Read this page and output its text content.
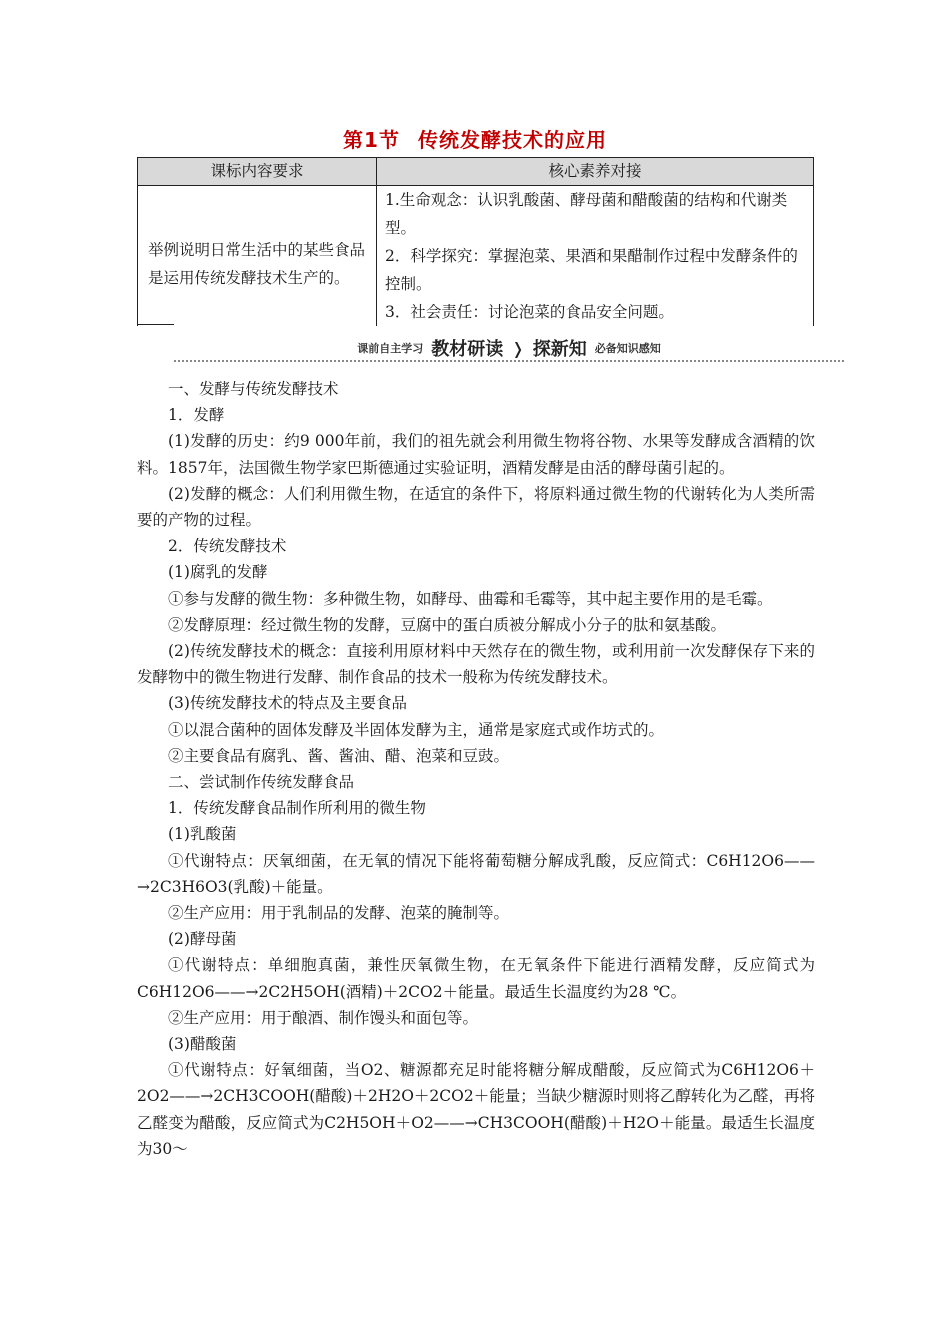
第1节 传统发酵技术的应用
课标内容要求	核心素养对接
举例说明日常生活中的某些食品是运用传统发酵技术生产的。
1.生命观念：认识乳酸菌、酵母菌和醋酸菌的结构和代谢类型。
2．科学探究：掌握泡菜、果酒和果醋制作过程中发酵条件的控制。
3．社会责任：讨论泡菜的食品安全问题。
课前自主学习 教材研读 ❭ 探新知 必备知识感知

一、发酵与传统发酵技术

1．发酵

(1)发酵的历史：约9 000年前，我们的祖先就会利用微生物将谷物、水果等发酵成含酒精的饮料。1857年，法国微生物学家巴斯德通过实验证明，酒精发酵是由活的酵母菌引起的。

(2)发酵的概念：人们利用微生物，在适宜的条件下，将原料通过微生物的代谢转化为人类所需要的产物的过程。

2．传统发酵技术

(1)腐乳的发酵

①参与发酵的微生物：多种微生物，如酵母、曲霉和毛霉等，其中起主要作用的是毛霉。

②发酵原理：经过微生物的发酵，豆腐中的蛋白质被分解成小分子的肽和氨基酸。

(2)传统发酵技术的概念：直接利用原材料中天然存在的微生物，或利用前一次发酵保存下来的发酵物中的微生物进行发酵、制作食品的技术一般称为传统发酵技术。

(3)传统发酵技术的特点及主要食品

①以混合菌种的固体发酵及半固体发酵为主，通常是家庭式或作坊式的。

②主要食品有腐乳、酱、酱油、醋、泡菜和豆豉。

二、尝试制作传统发酵食品

1．传统发酵食品制作所利用的微生物

(1)乳酸菌

①代谢特点：厌氧细菌，在无氧的情况下能将葡萄糖分解成乳酸，反应简式：C6H12O6——→2C3H6O3(乳酸)＋能量。

②生产应用：用于乳制品的发酵、泡菜的腌制等。

(2)酵母菌

①代谢特点：单细胞真菌，兼性厌氧微生物，在无氧条件下能进行酒精发酵，反应简式为C6H12O6——→2C2H5OH(酒精)＋2CO2＋能量。最适生长温度约为28 ℃。

②生产应用：用于酿酒、制作馒头和面包等。

(3)醋酸菌

①代谢特点：好氧细菌，当O2、糖源都充足时能将糖分解成醋酸，反应简式为C6H12O6＋2O2——→2CH3COOH(醋酸)＋2H2O＋2CO2＋能量；当缺少糖源时则将乙醇转化为乙醛，再将乙醛变为醋酸，反应简式为C2H5OH＋O2——→CH3COOH(醋酸)＋H2O＋能量。最适生长温度为30～
